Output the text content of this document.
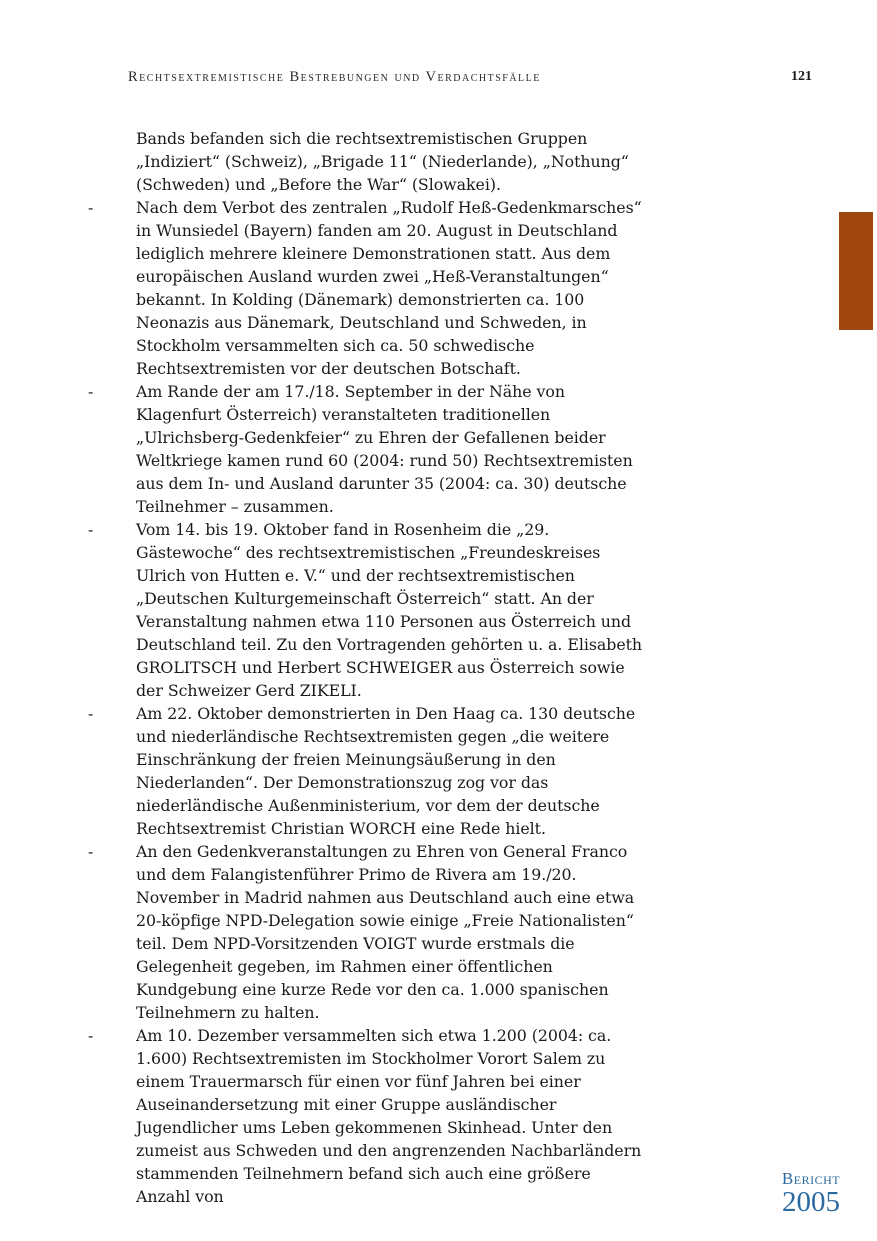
Rechtsextremistische Bestrebungen und Verdachtsfälle	121

Bands befanden sich die rechtsextremistischen Gruppen „Indiziert“ (Schweiz), „Brigade 11“ (Niederlande), „Nothung“ (Schweden) und „Before the War“ (Slowakei).

-	Nach dem Verbot des zentralen „Rudolf Heß-Gedenkmarsches“ in Wunsiedel (Bayern) fanden am 20. August in Deutschland lediglich mehrere kleinere Demonstrationen statt. Aus dem europäischen Ausland wurden zwei „Heß-Veranstaltungen“ bekannt. In Kolding (Dänemark) demonstrierten ca. 100 Neonazis aus Dänemark, Deutschland und Schweden, in Stockholm versammelten sich ca. 50 schwedische Rechtsextremisten vor der deutschen Botschaft.

-	Am Rande der am 17./18. September in der Nähe von Klagenfurt Österreich) veranstalteten traditionellen „Ulrichsberg-Gedenkfeier“ zu Ehren der Gefallenen beider Weltkriege kamen rund 60 (2004: rund 50) Rechtsextremisten aus dem In- und Ausland darunter 35 (2004: ca. 30) deutsche Teilnehmer – zusammen.

-	Vom 14. bis 19. Oktober fand in Rosenheim die „29. Gästewoche“ des rechtsextremistischen „Freundeskreises Ulrich von Hutten e. V.“ und der rechtsextremistischen „Deutschen Kulturgemeinschaft Österreich“ statt. An der Veranstaltung nahmen etwa 110 Personen aus Österreich und Deutschland teil. Zu den Vortragenden gehörten u. a. Elisabeth GROLITSCH und Herbert SCHWEIGER aus Österreich sowie der Schweizer Gerd ZIKELI.

-	Am 22. Oktober demonstrierten in Den Haag ca. 130 deutsche und niederländische Rechtsextremisten gegen „die weitere Einschränkung der freien Meinungsäußerung in den Niederlanden“. Der Demonstrationszug zog vor das niederländische Außenministerium, vor dem der deutsche Rechtsextremist Christian WORCH eine Rede hielt.

-	An den Gedenkveranstaltungen zu Ehren von General Franco und dem Falangistenführer Primo de Rivera am 19./20. November in Madrid nahmen aus Deutschland auch eine etwa 20-köpfige NPD-Delegation sowie einige „Freie Nationalisten“ teil. Dem NPD-Vorsitzenden VOIGT wurde erstmals die Gelegenheit gegeben, im Rahmen einer öffentlichen Kundgebung eine kurze Rede vor den ca. 1.000 spanischen Teilnehmern zu halten.

-	Am 10. Dezember versammelten sich etwa 1.200 (2004: ca. 1.600) Rechtsextremisten im Stockholmer Vorort Salem zu einem Trauermarsch für einen vor fünf Jahren bei einer Auseinandersetzung mit einer Gruppe ausländischer Jugendlicher ums Leben gekommenen Skinhead. Unter den zumeist aus Schweden und den angrenzenden Nachbarländern stammenden Teilnehmern befand sich auch eine größere Anzahl von

Bericht
2005
